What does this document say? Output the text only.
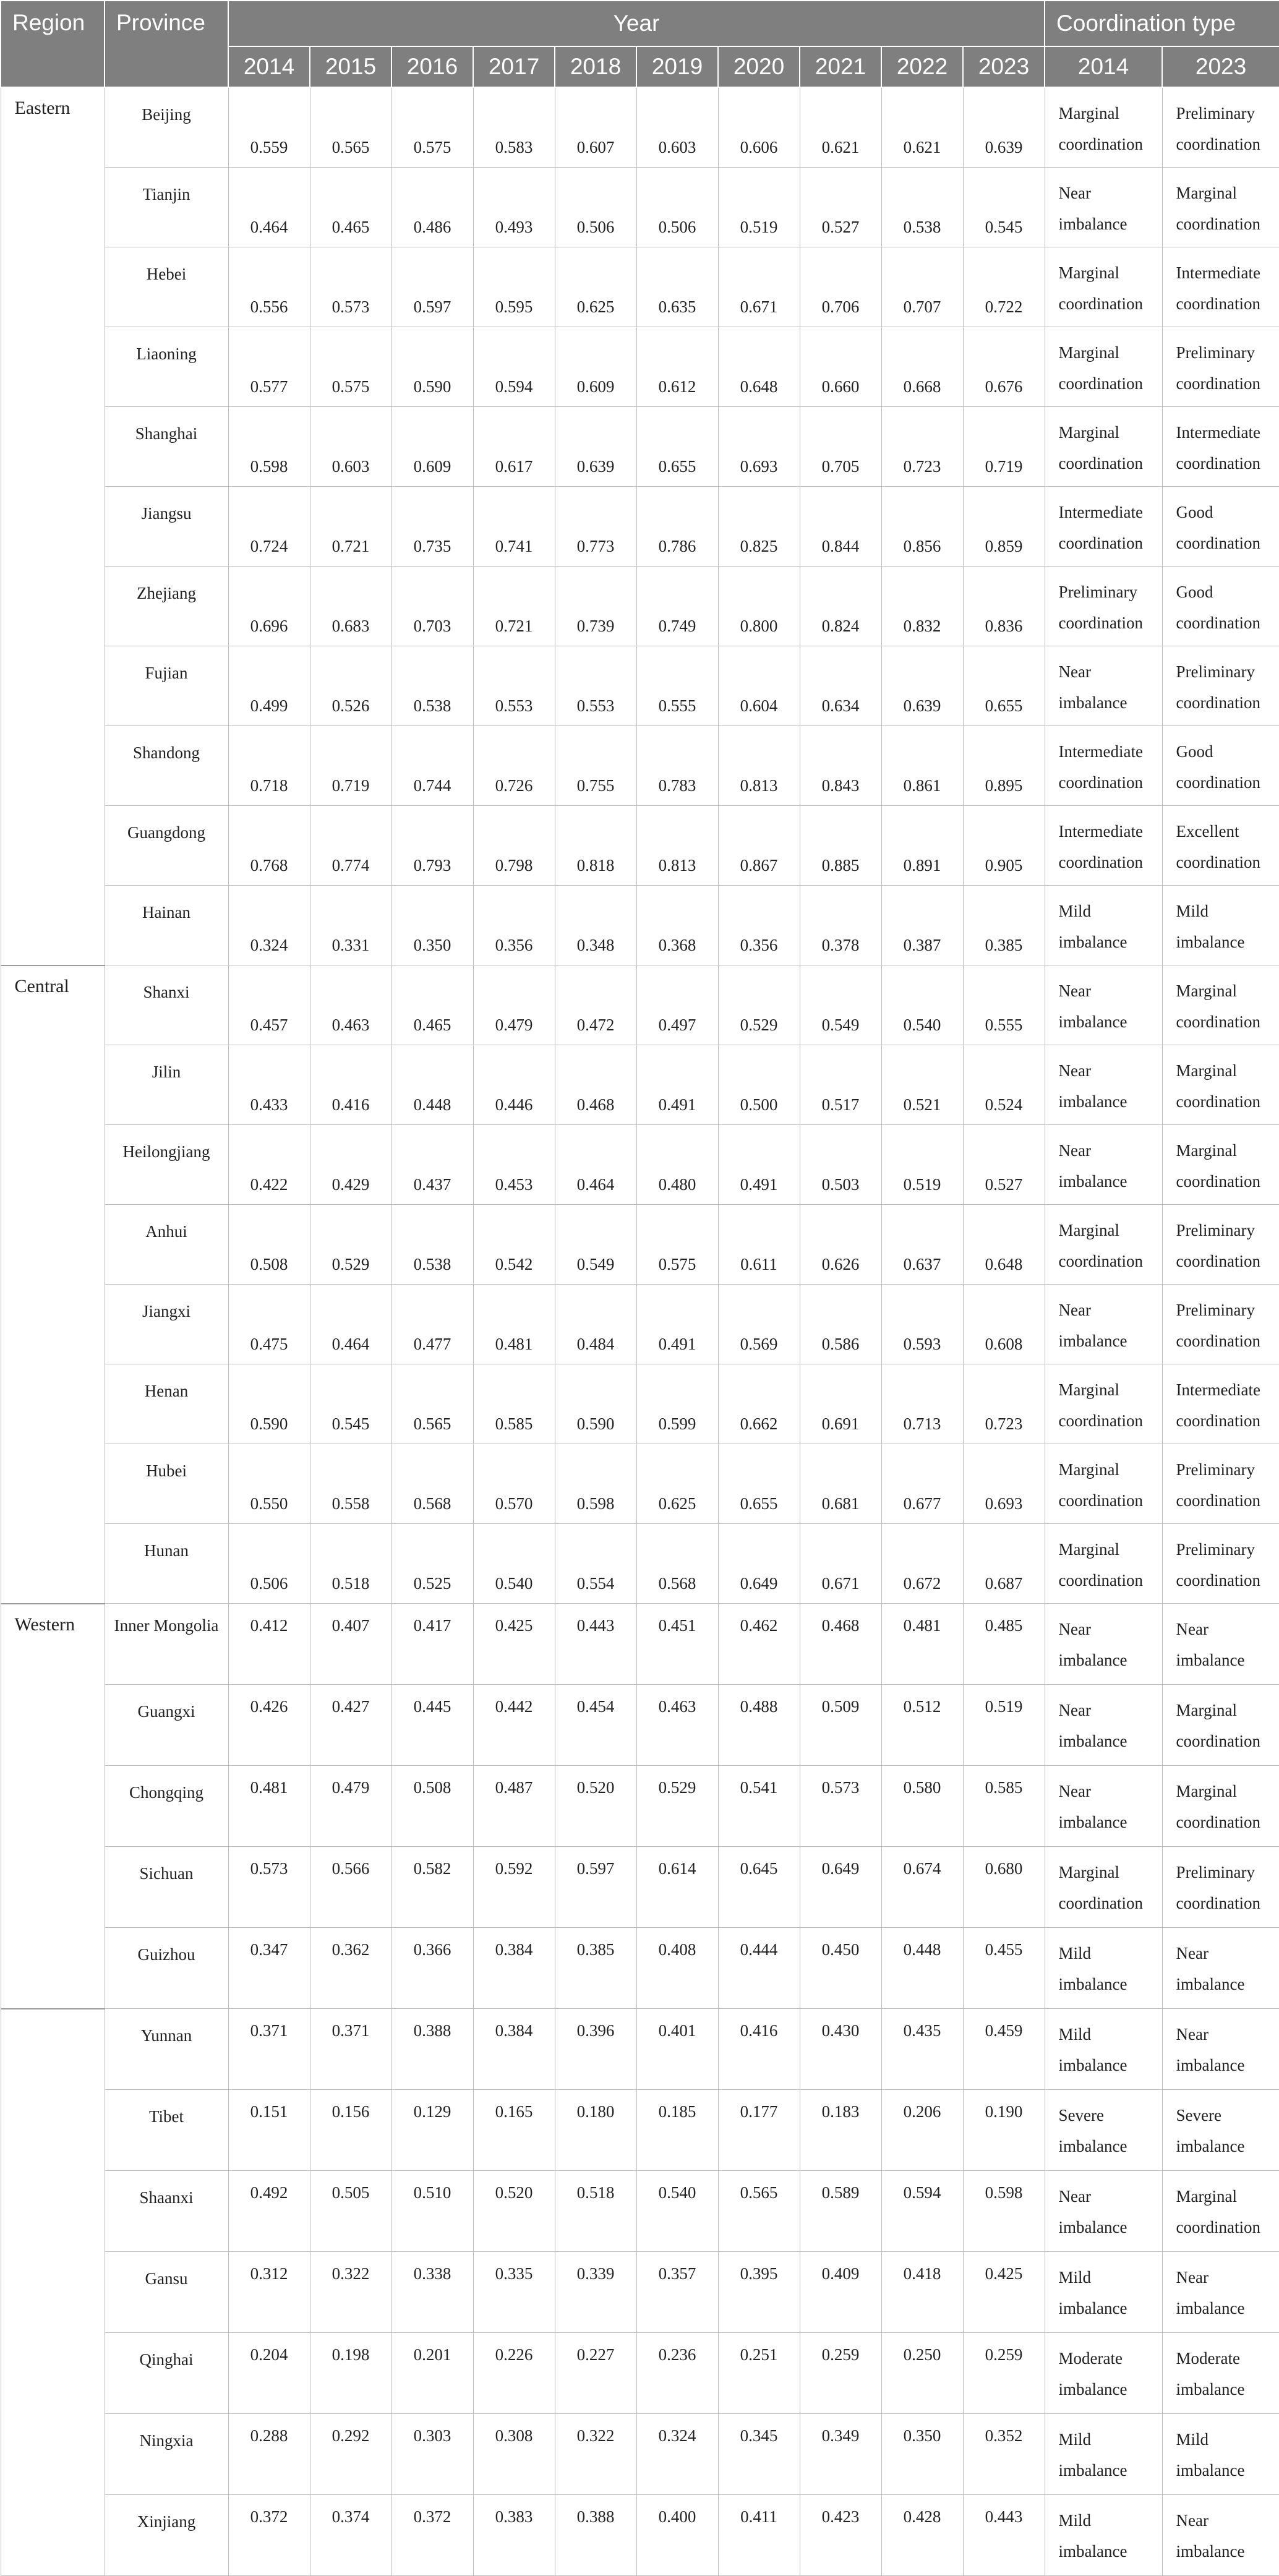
Region	Province	Year										Coordination type	
		2014	2015	2016	2017	2018	2019	2020	2021	2022	2023	2014	2023
Eastern	Beijing	0.559	0.565	0.575	0.583	0.607	0.603	0.606	0.621	0.621	0.639	Marginal coordination	Preliminary coordination
	Tianjin	0.464	0.465	0.486	0.493	0.506	0.506	0.519	0.527	0.538	0.545	Near imbalance	Marginal coordination
	Hebei	0.556	0.573	0.597	0.595	0.625	0.635	0.671	0.706	0.707	0.722	Marginal coordination	Intermediate coordination
	Liaoning	0.577	0.575	0.590	0.594	0.609	0.612	0.648	0.660	0.668	0.676	Marginal coordination	Preliminary coordination
	Shanghai	0.598	0.603	0.609	0.617	0.639	0.655	0.693	0.705	0.723	0.719	Marginal coordination	Intermediate coordination
	Jiangsu	0.724	0.721	0.735	0.741	0.773	0.786	0.825	0.844	0.856	0.859	Intermediate coordination	Good coordination
	Zhejiang	0.696	0.683	0.703	0.721	0.739	0.749	0.800	0.824	0.832	0.836	Preliminary coordination	Good coordination
	Fujian	0.499	0.526	0.538	0.553	0.553	0.555	0.604	0.634	0.639	0.655	Near imbalance	Preliminary coordination
	Shandong	0.718	0.719	0.744	0.726	0.755	0.783	0.813	0.843	0.861	0.895	Intermediate coordination	Good coordination
	Guangdong	0.768	0.774	0.793	0.798	0.818	0.813	0.867	0.885	0.891	0.905	Intermediate coordination	Excellent coordination
	Hainan	0.324	0.331	0.350	0.356	0.348	0.368	0.356	0.378	0.387	0.385	Mild imbalance	Mild imbalance
Central	Shanxi	0.457	0.463	0.465	0.479	0.472	0.497	0.529	0.549	0.540	0.555	Near imbalance	Marginal coordination
	Jilin	0.433	0.416	0.448	0.446	0.468	0.491	0.500	0.517	0.521	0.524	Near imbalance	Marginal coordination
	Heilongjiang	0.422	0.429	0.437	0.453	0.464	0.480	0.491	0.503	0.519	0.527	Near imbalance	Marginal coordination
	Anhui	0.508	0.529	0.538	0.542	0.549	0.575	0.611	0.626	0.637	0.648	Marginal coordination	Preliminary coordination
	Jiangxi	0.475	0.464	0.477	0.481	0.484	0.491	0.569	0.586	0.593	0.608	Near imbalance	Preliminary coordination
	Henan	0.590	0.545	0.565	0.585	0.590	0.599	0.662	0.691	0.713	0.723	Marginal coordination	Intermediate coordination
	Hubei	0.550	0.558	0.568	0.570	0.598	0.625	0.655	0.681	0.677	0.693	Marginal coordination	Preliminary coordination
	Hunan	0.506	0.518	0.525	0.540	0.554	0.568	0.649	0.671	0.672	0.687	Marginal coordination	Preliminary coordination
Western	Inner Mongolia	0.412	0.407	0.417	0.425	0.443	0.451	0.462	0.468	0.481	0.485	Near imbalance	Near imbalance
	Guangxi	0.426	0.427	0.445	0.442	0.454	0.463	0.488	0.509	0.512	0.519	Near imbalance	Marginal coordination
	Chongqing	0.481	0.479	0.508	0.487	0.520	0.529	0.541	0.573	0.580	0.585	Near imbalance	Marginal coordination
	Sichuan	0.573	0.566	0.582	0.592	0.597	0.614	0.645	0.649	0.674	0.680	Marginal coordination	Preliminary coordination
	Guizhou	0.347	0.362	0.366	0.384	0.385	0.408	0.444	0.450	0.448	0.455	Mild imbalance	Near imbalance
	Yunnan	0.371	0.371	0.388	0.384	0.396	0.401	0.416	0.430	0.435	0.459	Mild imbalance	Near imbalance
	Tibet	0.151	0.156	0.129	0.165	0.180	0.185	0.177	0.183	0.206	0.190	Severe imbalance	Severe imbalance
	Shaanxi	0.492	0.505	0.510	0.520	0.518	0.540	0.565	0.589	0.594	0.598	Near imbalance	Marginal coordination
	Gansu	0.312	0.322	0.338	0.335	0.339	0.357	0.395	0.409	0.418	0.425	Mild imbalance	Near imbalance
	Qinghai	0.204	0.198	0.201	0.226	0.227	0.236	0.251	0.259	0.250	0.259	Moderate imbalance	Moderate imbalance
	Ningxia	0.288	0.292	0.303	0.308	0.322	0.324	0.345	0.349	0.350	0.352	Mild imbalance	Mild imbalance
	Xinjiang	0.372	0.374	0.372	0.383	0.388	0.400	0.411	0.423	0.428	0.443	Mild imbalance	Near imbalance
